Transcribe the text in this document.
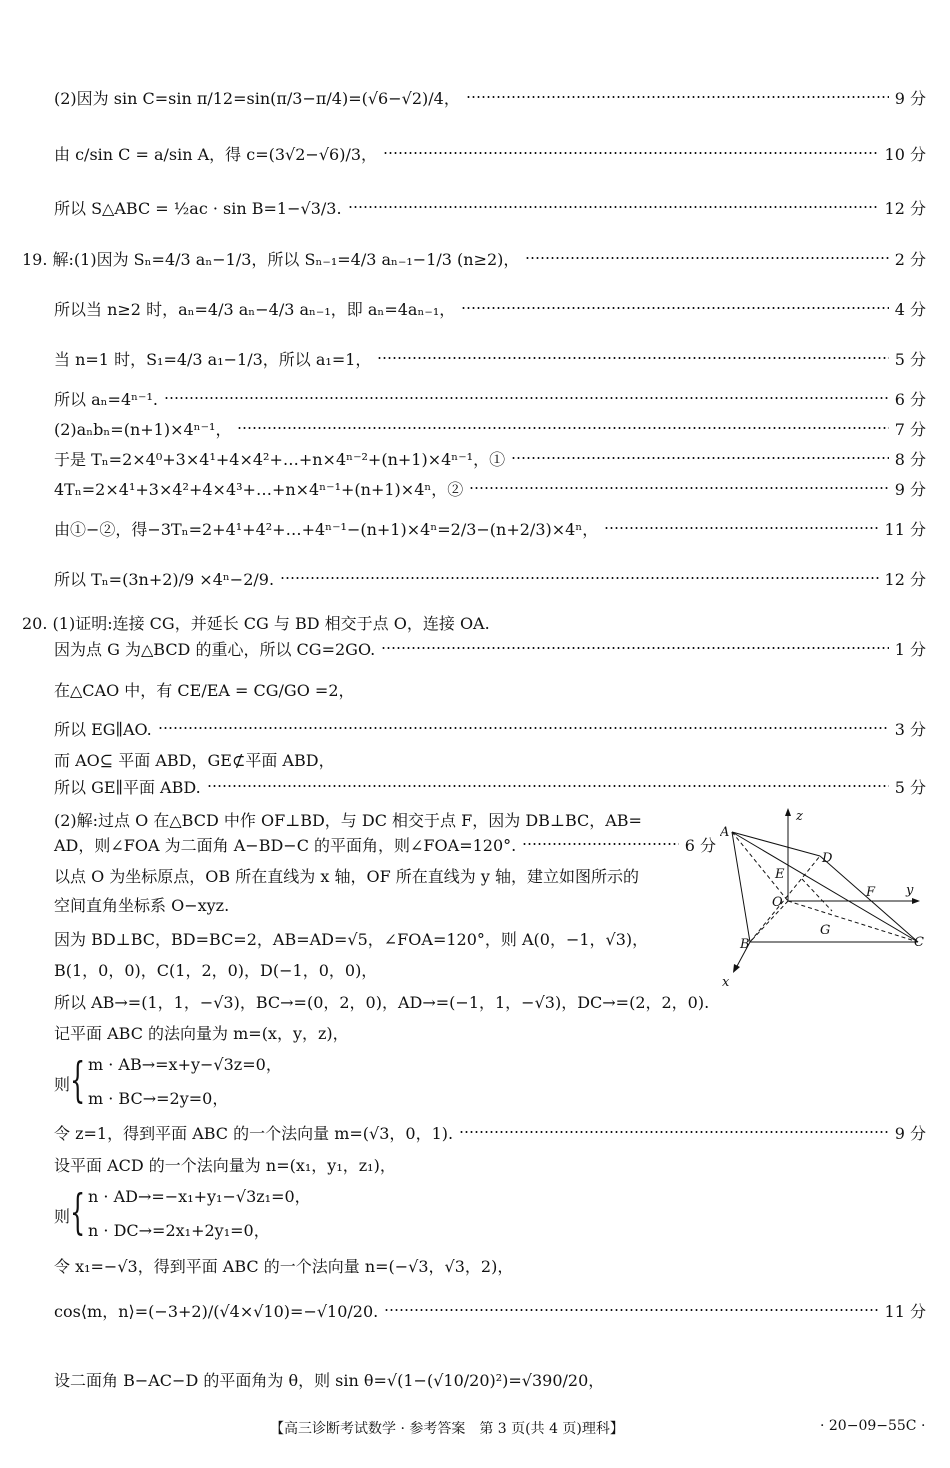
(2)因为 sin C=sin π/12=sin(π/3−π/4)=(√6−√2)/4，	9 分
由 c/sin C = a/sin A，得 c=(3√2−√6)/3，	10 分
所以 S△ABC = ½ac · sin B=1−√3/3.	12 分
19. 解:(1)因为 Sₙ=4/3 aₙ−1/3，所以 Sₙ₋₁=4/3 aₙ₋₁−1/3 (n≥2)，	2 分
所以当 n≥2 时，aₙ=4/3 aₙ−4/3 aₙ₋₁，即 aₙ=4aₙ₋₁，	4 分
当 n=1 时，S₁=4/3 a₁−1/3，所以 a₁=1，	5 分
所以 aₙ=4ⁿ⁻¹.	6 分
(2)aₙbₙ=(n+1)×4ⁿ⁻¹，	7 分
于是 Tₙ=2×4⁰+3×4¹+4×4²+…+n×4ⁿ⁻²+(n+1)×4ⁿ⁻¹，①	8 分
4Tₙ=2×4¹+3×4²+4×4³+…+n×4ⁿ⁻¹+(n+1)×4ⁿ，②	9 分
由①−②，得−3Tₙ=2+4¹+4²+…+4ⁿ⁻¹−(n+1)×4ⁿ=2/3−(n+2/3)×4ⁿ，	11 分
所以 Tₙ=(3n+2)/9 ×4ⁿ−2/9.	12 分
20. (1)证明:连接 CG，并延长 CG 与 BD 相交于点 O，连接 OA.
因为点 G 为△BCD 的重心，所以 CG=2GO.	1 分
在△CAO 中，有 CE/EA = CG/GO =2，
所以 EG∥AO.	3 分
而 AO⊆ 平面 ABD，GE⊄平面 ABD，
所以 GE∥平面 ABD.	5 分
(2)解:过点 O 在△BCD 中作 OF⊥BD，与 DC 相交于点 F，因为 DB⊥BC，AB=
AD，则∠FOA 为二面角 A−BD−C 的平面角，则∠FOA=120°.	6 分
以点 O 为坐标原点，OB 所在直线为 x 轴，OF 所在直线为 y 轴，建立如图所示的
空间直角坐标系 O−xyz.
因为 BD⊥BC，BD=BC=2，AB=AD=√5，∠FOA=120°，则 A(0，−1，√3)，
B(1，0，0)，C(1，2，0)，D(−1，0，0)，
所以 AB→=(1，1，−√3)，BC→=(0，2，0)，AD→=(−1，1，−√3)，DC→=(2，2，0).
记平面 ABC 的法向量为 m=(x，y，z)，
则 { m · AB→=x+y−√3z=0，
m · BC→=2y=0，
令 z=1，得到平面 ABC 的一个法向量 m=(√3，0，1).	9 分
设平面 ACD 的一个法向量为 n=(x₁，y₁，z₁)，
则 { n · AD→=−x₁+y₁−√3z₁=0，
n · DC→=2x₁+2y₁=0，
令 x₁=−√3，得到平面 ABC 的一个法向量 n=(−√3，√3，2)，
cos⟨m，n⟩=(−3+2)/(√4×√10)=−√10/20.	11 分
设二面角 B−AC−D 的平面角为 θ，则 sin θ=√(1−(√10/20)²)=√390/20，
A
B	C
D
E
F
G
O
x
y
z
【高三诊断考试数学 · 参考答案　第 3 页(共 4 页)理科】	· 20−09−55C ·
